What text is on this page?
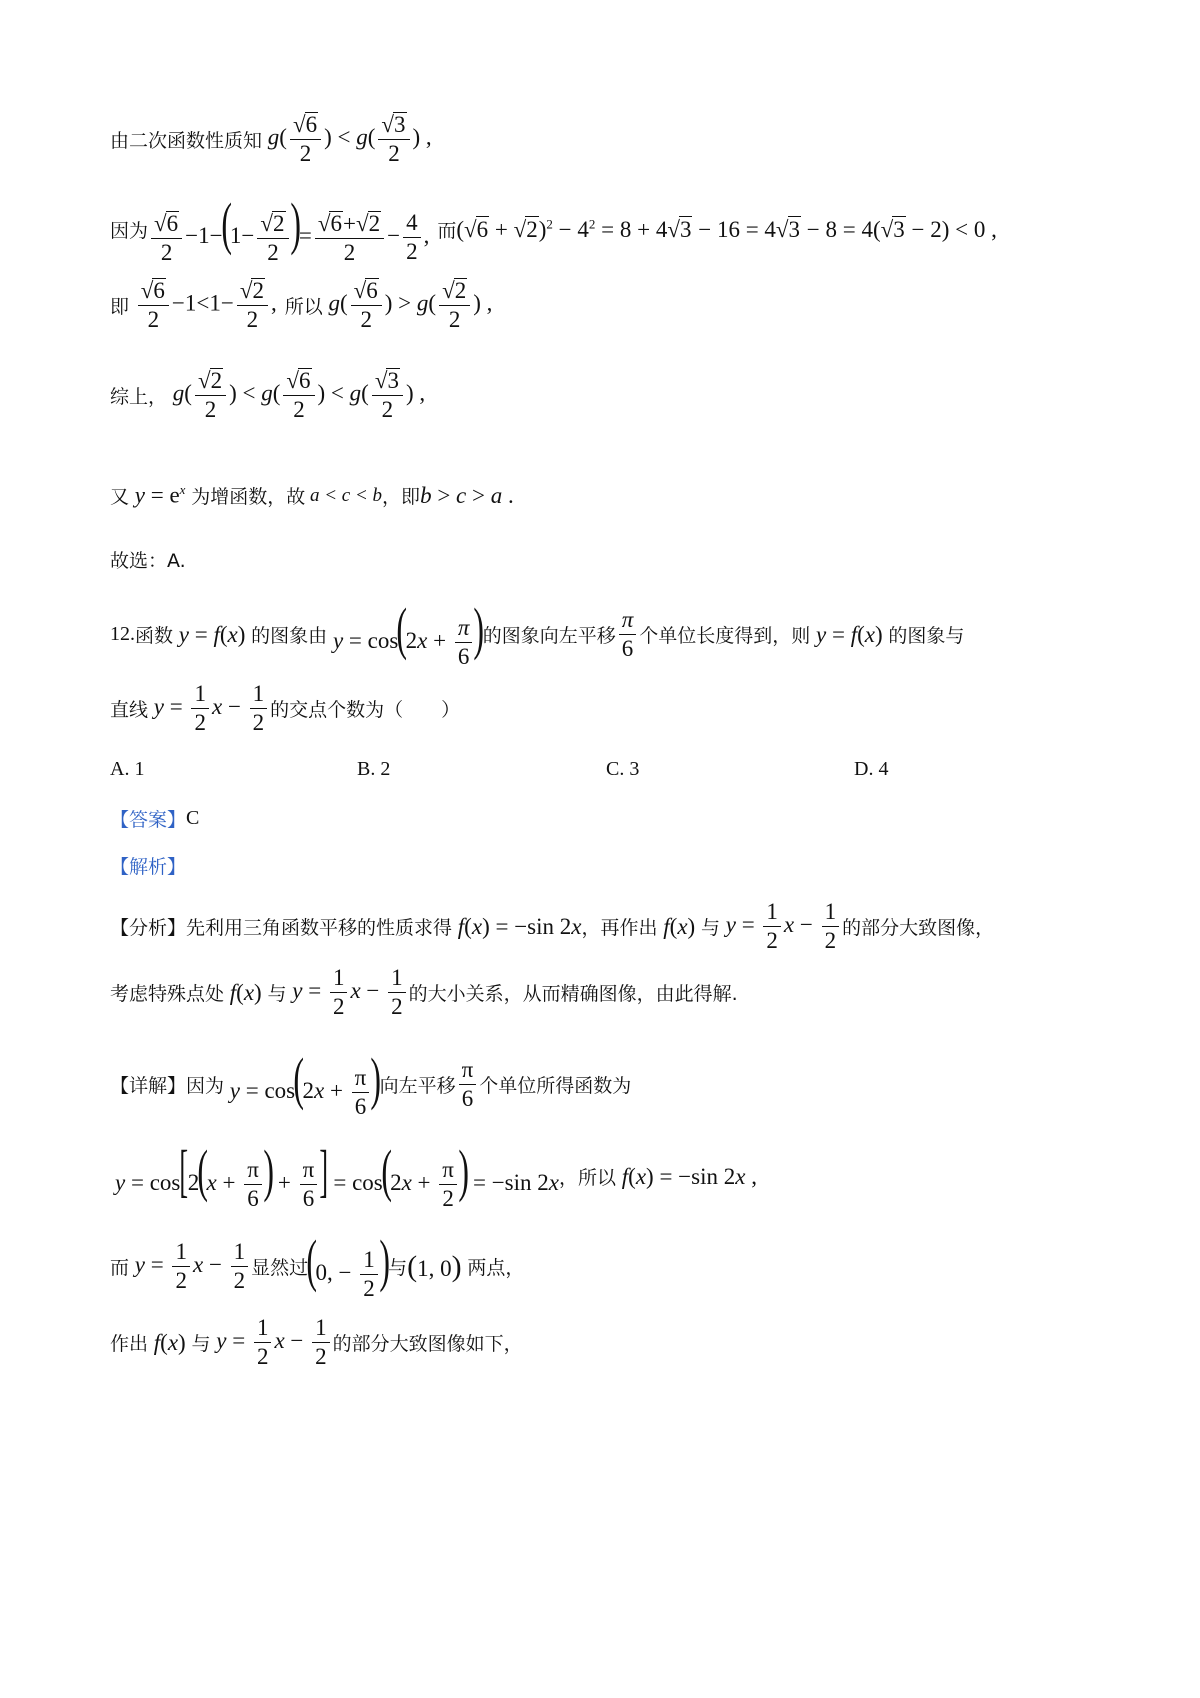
由二次函数性质知 $g( \frac{√ 6}{2}$ ) < $g( \frac{√ 3}{2}$ ) ,
因为 $\frac{√ 6}{2} -1-(1- \frac{√ 2}{2}$ )= $\frac{√ 6 +√ 2}{2} - \frac{4}{2}$ , 而 (√ 6 + √ 2 )$^2 - 4^2 = 8 + 4√$ 3 − 16 = 4√ 3 − 8 = 4(√ 3 − 2) < 0 ,
即
$\frac{√ 6}{2} -1<1- \frac{√ 2}{2}$ , 所以 $g( \frac{√ 6}{2}$ ) > $g( \frac{√ 2}{2}$ ) ,
综上， $g( \frac{√ 2}{2}$ ) < $g( \frac{√ 6}{2}$ ) < $g( \frac{√ 3}{2}$ ) ,
又 $y = e^x$ 为增函数，故 a < c < b ，即 b > c > a .
故选：A.
12. 函数 y = f(x) 的图象由 $y = \cos(2x + \frac{\pi}{6}$ )
的图象向左平移 $\frac{\pi}{6}$ 个单位长度得到，则 y = f(x) 的图象与
直线 $y = \frac{1}{2}$ $x - \frac{1}{2}$ 的交点个数为（　　）
A. 1	B. 2	C. 3	D. 4
【答案】 C
【解析】
【分析】 先利用三角函数平移的性质求得 f(x) = −sin 2x ，再作出 f(x) 与 $y = \frac{1}{2}$ $x - \frac{1}{2}$ 的部分大致图像，
考虑特殊点处 f(x) 与 $y = \frac{1}{2}$ $x - \frac{1}{2}$ 的大小关系，从而精确图像，由此得解.
【详解】 因为 $y = \cos(2x + \frac{\pi}{6}$ )
向左平移 $\frac{\pi}{6}$ 个单位所得函数为
$y = \cos[2(x + \frac{\pi}{6}$ ) + $\frac{\pi}{6}$ ] = $\cos(2x + \frac{\pi}{2}$ ) = −sin 2x ，所以 f(x) = −sin 2x ,
而 $y = \frac{1}{2}$ $x - \frac{1}{2}$ 显然过
(0, − $\frac{1}{2}$ )
与 (1, 0) 两点，
作出 f(x) 与 $y = \frac{1}{2}$ $x - \frac{1}{2}$ 的部分大致图像如下，
